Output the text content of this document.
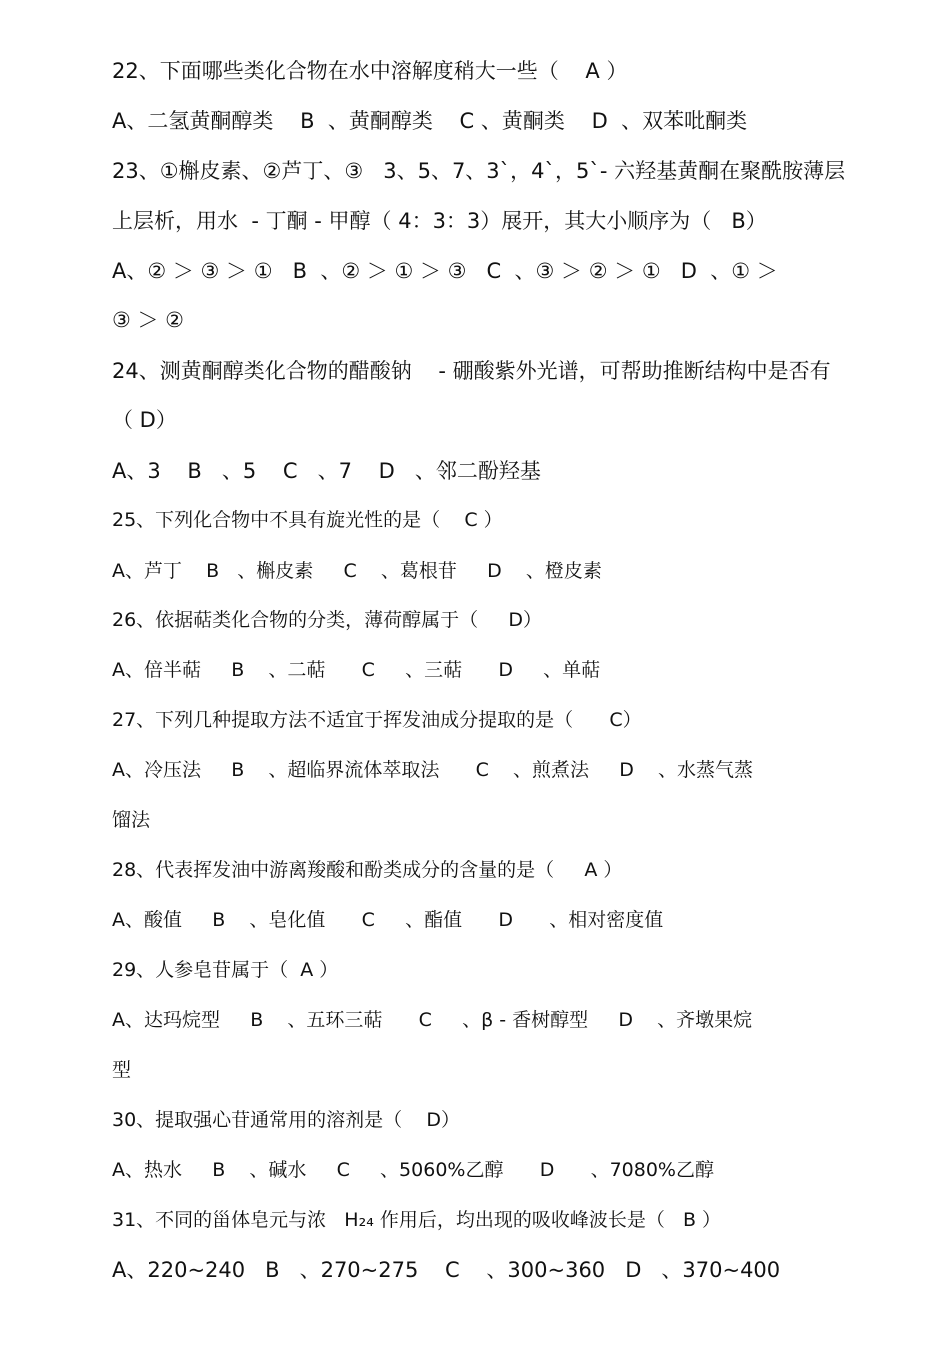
22、下面哪些类化合物在水中溶解度稍大一些（    A ）
A、二氢黄酮醇类    B  、黄酮醇类    C 、黄酮类    D  、双苯吡酮类
23、①槲皮素、②芦丁、③   3、5、7、3`，4`，5`- 六羟基黄酮在聚酰胺薄层
上层析，用水  - 丁酮 - 甲醇（ 4：3：3）展开，其大小顺序为（   B）
A、② ＞ ③ ＞ ①   B  、② ＞ ① ＞ ③   C  、③ ＞ ② ＞ ①   D  、① ＞
③ ＞ ②
24、测黄酮醇类化合物的醋酸钠    - 硼酸紫外光谱，可帮助推断结构中是否有
（ D）
A、3    B   、5    C   、7    D   、邻二酚羟基
25、下列化合物中不具有旋光性的是（    C ）
A、芦丁    B   、槲皮素     C    、葛根苷     D    、橙皮素
26、依据萜类化合物的分类，薄荷醇属于（     D）
A、倍半萜     B    、二萜      C     、三萜      D     、单萜
27、下列几种提取方法不适宜于挥发油成分提取的是（      C）
A、冷压法     B    、超临界流体萃取法      C    、煎煮法     D    、水蒸气蒸
馏法
28、代表挥发油中游离羧酸和酚类成分的含量的是（     A ）
A、酸值     B    、皂化值      C     、酯值      D      、相对密度值
29、人参皂苷属于（  A ）
A、达玛烷型     B    、五环三萜      C     、β - 香树醇型     D    、齐墩果烷
型
30、提取强心苷通常用的溶剂是（    D）
A、热水     B    、碱水     C     、5060%乙醇      D      、7080%乙醇
31、不同的甾体皂元与浓   H₂₄ 作用后，均出现的吸收峰波长是（   B ）
A、220~240   B   、270~275    C    、300~360   D   、370~400
